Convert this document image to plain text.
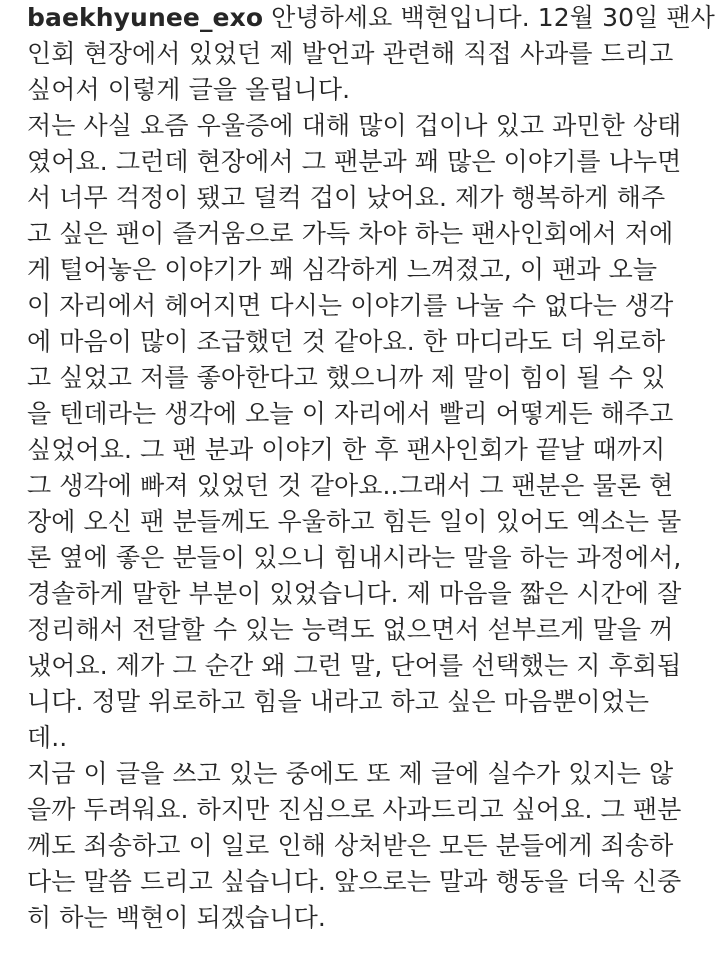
baekhyunee_exo 안녕하세요 백현입니다. 12월 30일 팬사
인회 현장에서 있었던 제 발언과 관련해 직접 사과를 드리고
싶어서 이렇게 글을 올립니다.
저는 사실 요즘 우울증에 대해 많이 겁이나 있고 과민한 상태
였어요. 그런데 현장에서 그 팬분과 꽤 많은 이야기를 나누면
서 너무 걱정이 됐고 덜컥 겁이 났어요. 제가 행복하게 해주
고 싶은 팬이 즐거움으로 가득 차야 하는 팬사인회에서 저에
게 털어놓은 이야기가 꽤 심각하게 느껴졌고, 이 팬과 오늘
이 자리에서 헤어지면 다시는 이야기를 나눌 수 없다는 생각
에 마음이 많이 조급했던 것 같아요. 한 마디라도 더 위로하
고 싶었고 저를 좋아한다고 했으니까 제 말이 힘이 될 수 있
을 텐데라는 생각에 오늘 이 자리에서 빨리 어떻게든 해주고
싶었어요. 그 팬 분과 이야기 한 후 팬사인회가 끝날 때까지
그 생각에 빠져 있었던 것 같아요..그래서 그 팬분은 물론 현
장에 오신 팬 분들께도 우울하고 힘든 일이 있어도 엑소는 물
론 옆에 좋은 분들이 있으니 힘내시라는 말을 하는 과정에서,
경솔하게 말한 부분이 있었습니다. 제 마음을 짧은 시간에 잘
정리해서 전달할 수 있는 능력도 없으면서 섣부르게 말을 꺼
냈어요. 제가 그 순간 왜 그런 말, 단어를 선택했는 지 후회됩
니다. 정말 위로하고 힘을 내라고 하고 싶은 마음뿐이었는
데..
지금 이 글을 쓰고 있는 중에도 또 제 글에 실수가 있지는 않
을까 두려워요. 하지만 진심으로 사과드리고 싶어요. 그 팬분
께도 죄송하고 이 일로 인해 상처받은 모든 분들에게 죄송하
다는 말씀 드리고 싶습니다. 앞으로는 말과 행동을 더욱 신중
히 하는 백현이 되겠습니다.
